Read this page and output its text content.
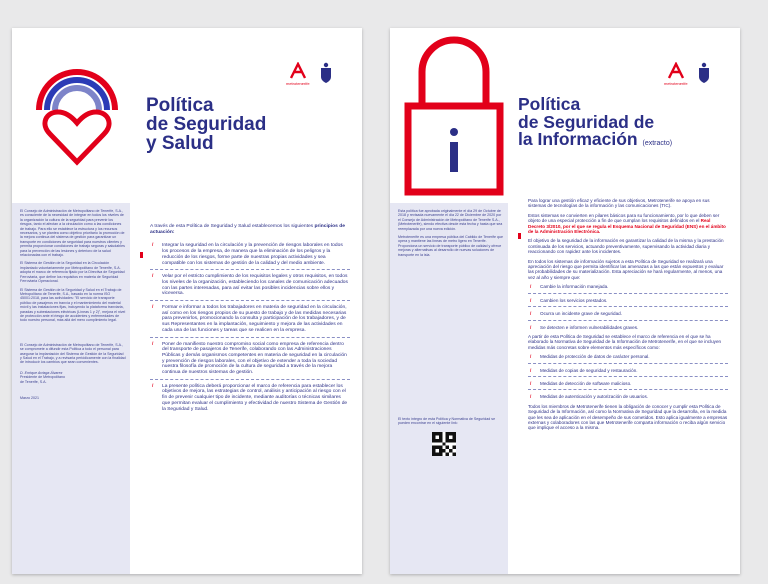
metrotenerife
Política
de Seguridad
y Salud

El Consejo de Administración de Metropolitano de Tenerife, S.A., es consciente de la necesidad de integrar en todos los niveles de la organización la cultura de la seguridad para prevenir los riesgos, tanto el afectan a la circulación como a las condiciones de trabajo. Para ello se establece la estructura y los recursos necesarios, y se plantea como objetivo prioritario la promoción de la mejora continua del sistema de gestión para garantizar un transporte en condiciones de seguridad para nuestros clientes y permita proporcionar condiciones de trabajo seguras y saludables para la prevención de las lesiones y deterioro de la salud relacionadas con el trabajo.

El Sistema de Gestión de la Seguridad en la Circulación implantado voluntariamente por Metropolitano de Tenerife, S.A. adopta el marco de referencia fijado por la Directiva de Seguridad Ferroviaria, que define los requisitos en materia de Seguridad Ferroviaria Operacional.

El Sistema de Gestión de la Seguridad y Salud en el Trabajo de Metropolitano de Tenerife, S.A., basado en la norma ISO 45001:2018, para las actividades: "El servicio de transporte público de pasajeros en tranvía y el mantenimiento del material móvil y las instalaciones fijas, incluyendo la plataforma tranviaria, paradas y subestaciones eléctricas (Líneas 1 y 2)", mejora el nivel de protección ante el riesgo de accidentes y enfermedades de todo nuestro personal, más allá del mero cumplimiento legal.

El Consejo de Administración de Metropolitano de Tenerife, S.A., se compromete a difundir esta Política a todo el personal para asegurar la implantación del Sistema de Gestión de la Seguridad y Salud en el Trabajo, y a revisarla periódicamente con la finalidad de introducir los cambios que sean convenientes.

D. Enrique Arriaga Álvarez
Presidente de Metropolitano
de Tenerife, S.A.
Marzo 2021

A través de esta Política de Seguridad y Salud establecemos los siguientes principios de actuación:

/ Integrar la seguridad en la circulación y la prevención de riesgos laborales en todos los procesos de la empresa, de manera que la eliminación de los peligros y la reducción de los riesgos, forme parte de nuestras propias actividades y sea compatible con los sistemas de gestión de la calidad y del medio ambiente.
/ Velar por el estricto cumplimiento de los requisitos legales y otros requisitos, en todos los niveles de la organización, estableciendo los canales de comunicación adecuados con las partes interesadas, para así evitar las posibles incidencias sobre ellos y viceversa.
/ Formar e informar a todos los trabajadores en materia de seguridad en la circulación, así como en los riesgos propios de su puesto de trabajo y de las medidas necesarias para prevenirlos, promocionando la consulta y participación de los trabajadores, y de sus Representantes en la implantación, seguimiento y mejora de las actividades en cada una de las funciones y tareas que se realicen en la empresa.
/ Poner de manifiesto nuestro compromiso social como empresa de referencia dentro del transporte de pasajeros de Tenerife, colaborando con las Administraciones Públicas y demás organismos competentes en materia de seguridad en la circulación y prevención de riesgos laborales, con el objetivo de extender a toda la sociedad nuestra filosofía de promoción de la cultura de seguridad a través de la mejora continua de nuestros sistemas de gestión.
/ La presente política deberá proporcionar el marco de referencia para establecer los objetivos de mejora, las estrategias de control, análisis y anticipación al riesgo con el fin de prevenir cualquier tipo de incidente, mediante auditorías o técnicas similares que permitan evaluar el cumplimiento y efectividad de nuestro Sistema de Gestión de la Seguridad y Salud.
metrotenerife
Política
de Seguridad de
la Información (extracto)

Esta política fue aprobada originalmente el día 29 de Octubre de 2018 y revisada nuevamente el día 22 de Diciembre de 2020 por el Consejo de Administración de Metropolitano de Tenerife S.A., (Metrotenerife), siendo efectiva desde esta fecha y hasta que sea reemplazada por una nueva edición.

Metrotenerife es una empresa pública del Cabildo de Tenerife que opera y mantiene las líneas de metro ligero en Tenerife. Proporciona un servicio de transporte público de calidad y ofrece mejoras y alternativas al desarrollo de nuevas soluciones de transporte en la isla.

El texto íntegro de esta Política y Normativa de Seguridad se pueden encontrar en el siguiente link:

Para lograr una gestión eficaz y eficiente de sus objetivos, Metrotenerife se apoya en sus sistemas de tecnologías de la información y las comunicaciones (TIC).

Estos sistemas se convierten en pilares básicos para su funcionamiento, por lo que deben ser objeto de una especial protección a fin de que cumplan los requisitos definidos en el Real Decreto 3/2010, por el que se regula el Esquema Nacional de Seguridad (ENS) en el ámbito de la Administración Electrónica.

El objetivo de la seguridad de la información es garantizar la calidad de la misma y la prestación continuada de los servicios, actuando preventivamente, supervisando la actividad diaria y reaccionando con rapidez ante los incidentes.

En todos los sistemas de información sujetos a esta Política de Seguridad se realizará una apreciación del riesgo que permita identificar las amenazas a las que están expuestos y evaluar las probabilidades de su materialización. Esta apreciación se hará regularmente, al menos, una vez al año y siempre que:

/ Cambie la información manejada.
/ Cambien los servicios prestados.
/ Ocurra un incidente grave de seguridad.
/ Se detecten e informen vulnerabilidades graves.

A partir de esta Política de Seguridad se establece el marco de referencia en el que se ha elaborado la Normativa de Seguridad de la Información de Metrotenerife, en el que se incluyen medidas más concretas sobre elementos más específicos como:

/ Medidas de protección de datos de carácter personal.
/ Medidas de copias de seguridad y restauración.
/ Medidas de detección de software malicioso.
/ Medidas de autenticación y autorización de usuarios.

Todos los miembros de Metrotenerife tienen la obligación de conocer y cumplir esta Política de Seguridad de la Información, así como la Normativa de Seguridad que la desarrolla, en la medida que les sea de aplicación en el desempeño de sus cometidos. Esto aplica igualmente a empresas externas y colaboradores con las que Metrotenerife comparta información o reciba algún servicio que implique el acceso a la misma.
